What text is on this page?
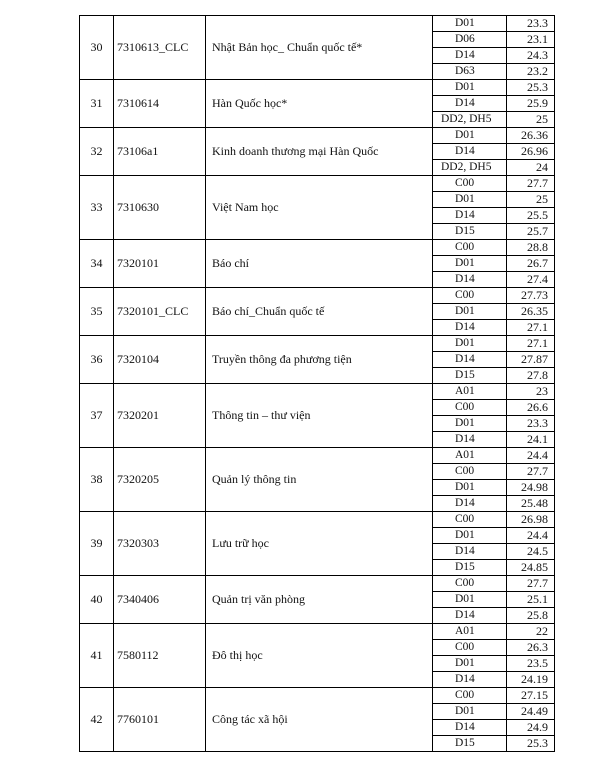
30	7310613_CLC	Nhật Bản học_ Chuẩn quốc tế*	D01	23.3
			D06	23.1
			D14	24.3
			D63	23.2
31	7310614	Hàn Quốc học*	D01	25.3
			D14	25.9
			DD2, DH5	25
32	73106a1	Kinh doanh thương mại Hàn Quốc	D01	26.36
			D14	26.96
			DD2, DH5	24
33	7310630	Việt Nam học	C00	27.7
			D01	25
			D14	25.5
			D15	25.7
34	7320101	Báo chí	C00	28.8
			D01	26.7
			D14	27.4
35	7320101_CLC	Báo chí_Chuẩn quốc tế	C00	27.73
			D01	26.35
			D14	27.1
36	7320104	Truyền thông đa phương tiện	D01	27.1
			D14	27.87
			D15	27.8
37	7320201	Thông tin – thư viện	A01	23
			C00	26.6
			D01	23.3
			D14	24.1
38	7320205	Quản lý thông tin	A01	24.4
			C00	27.7
			D01	24.98
			D14	25.48
39	7320303	Lưu trữ học	C00	26.98
			D01	24.4
			D14	24.5
			D15	24.85
40	7340406	Quản trị văn phòng	C00	27.7
			D01	25.1
			D14	25.8
41	7580112	Đô thị học	A01	22
			C00	26.3
			D01	23.5
			D14	24.19
42	7760101	Công tác xã hội	C00	27.15
			D01	24.49
			D14	24.9
			D15	25.3
